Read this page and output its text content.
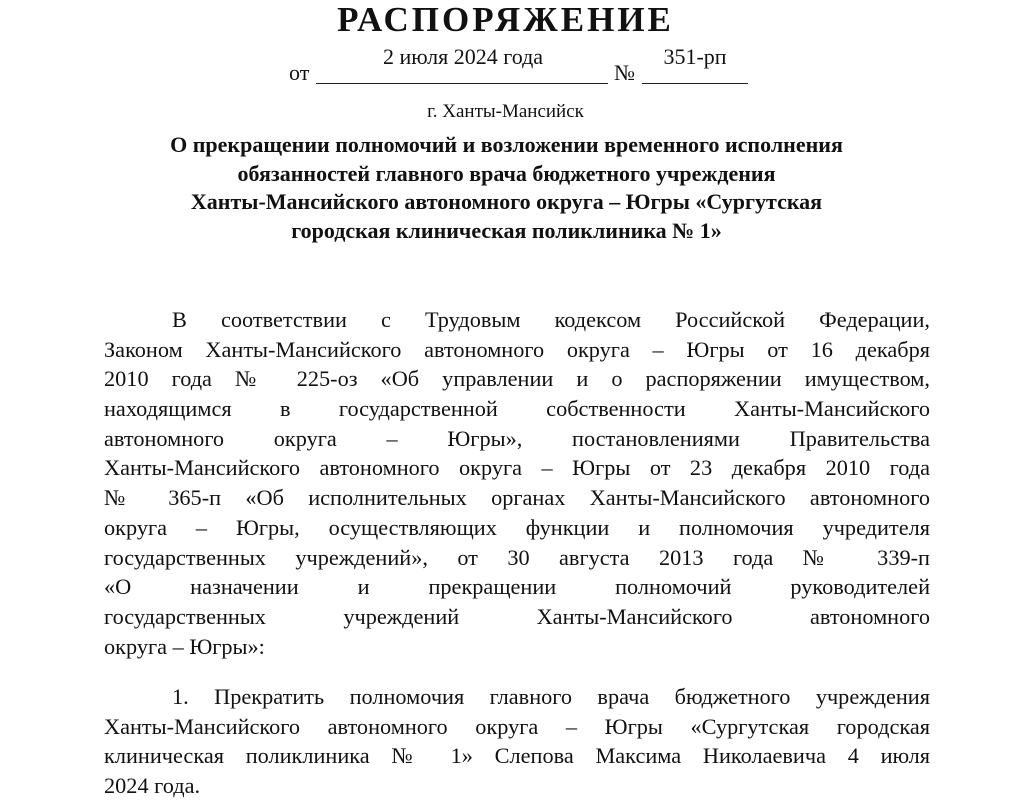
РАСПОРЯЖЕНИЕ
от
2 июля 2024 года
№
351-рп
г. Ханты-Мансийск
О прекращении полномочий и возложении временного исполнения
обязанностей главного врача бюджетного учреждения
Ханты-Мансийского автономного округа – Югры «Сургутская
городская клиническая поликлиника № 1»
В соответствии с Трудовым кодексом Российской Федерации,
Законом Ханты-Мансийского автономного округа – Югры от 16 декабря
2010 года № 225-оз «Об управлении и о распоряжении имуществом,
находящимся в государственной собственности Ханты-Мансийского
автономного округа – Югры», постановлениями Правительства
Ханты-Мансийского автономного округа – Югры от 23 декабря 2010 года
№ 365-п «Об исполнительных органах Ханты-Мансийского автономного
округа – Югры, осуществляющих функции и полномочия учредителя
государственных учреждений», от 30 августа 2013 года № 339-п
«О назначении и прекращении полномочий руководителей
государственных учреждений Ханты-Мансийского автономного
округа – Югры»:
1. Прекратить полномочия главного врача бюджетного учреждения
Ханты-Мансийского автономного округа – Югры «Сургутская городская
клиническая поликлиника № 1» Слепова Максима Николаевича 4 июля
2024 года.
